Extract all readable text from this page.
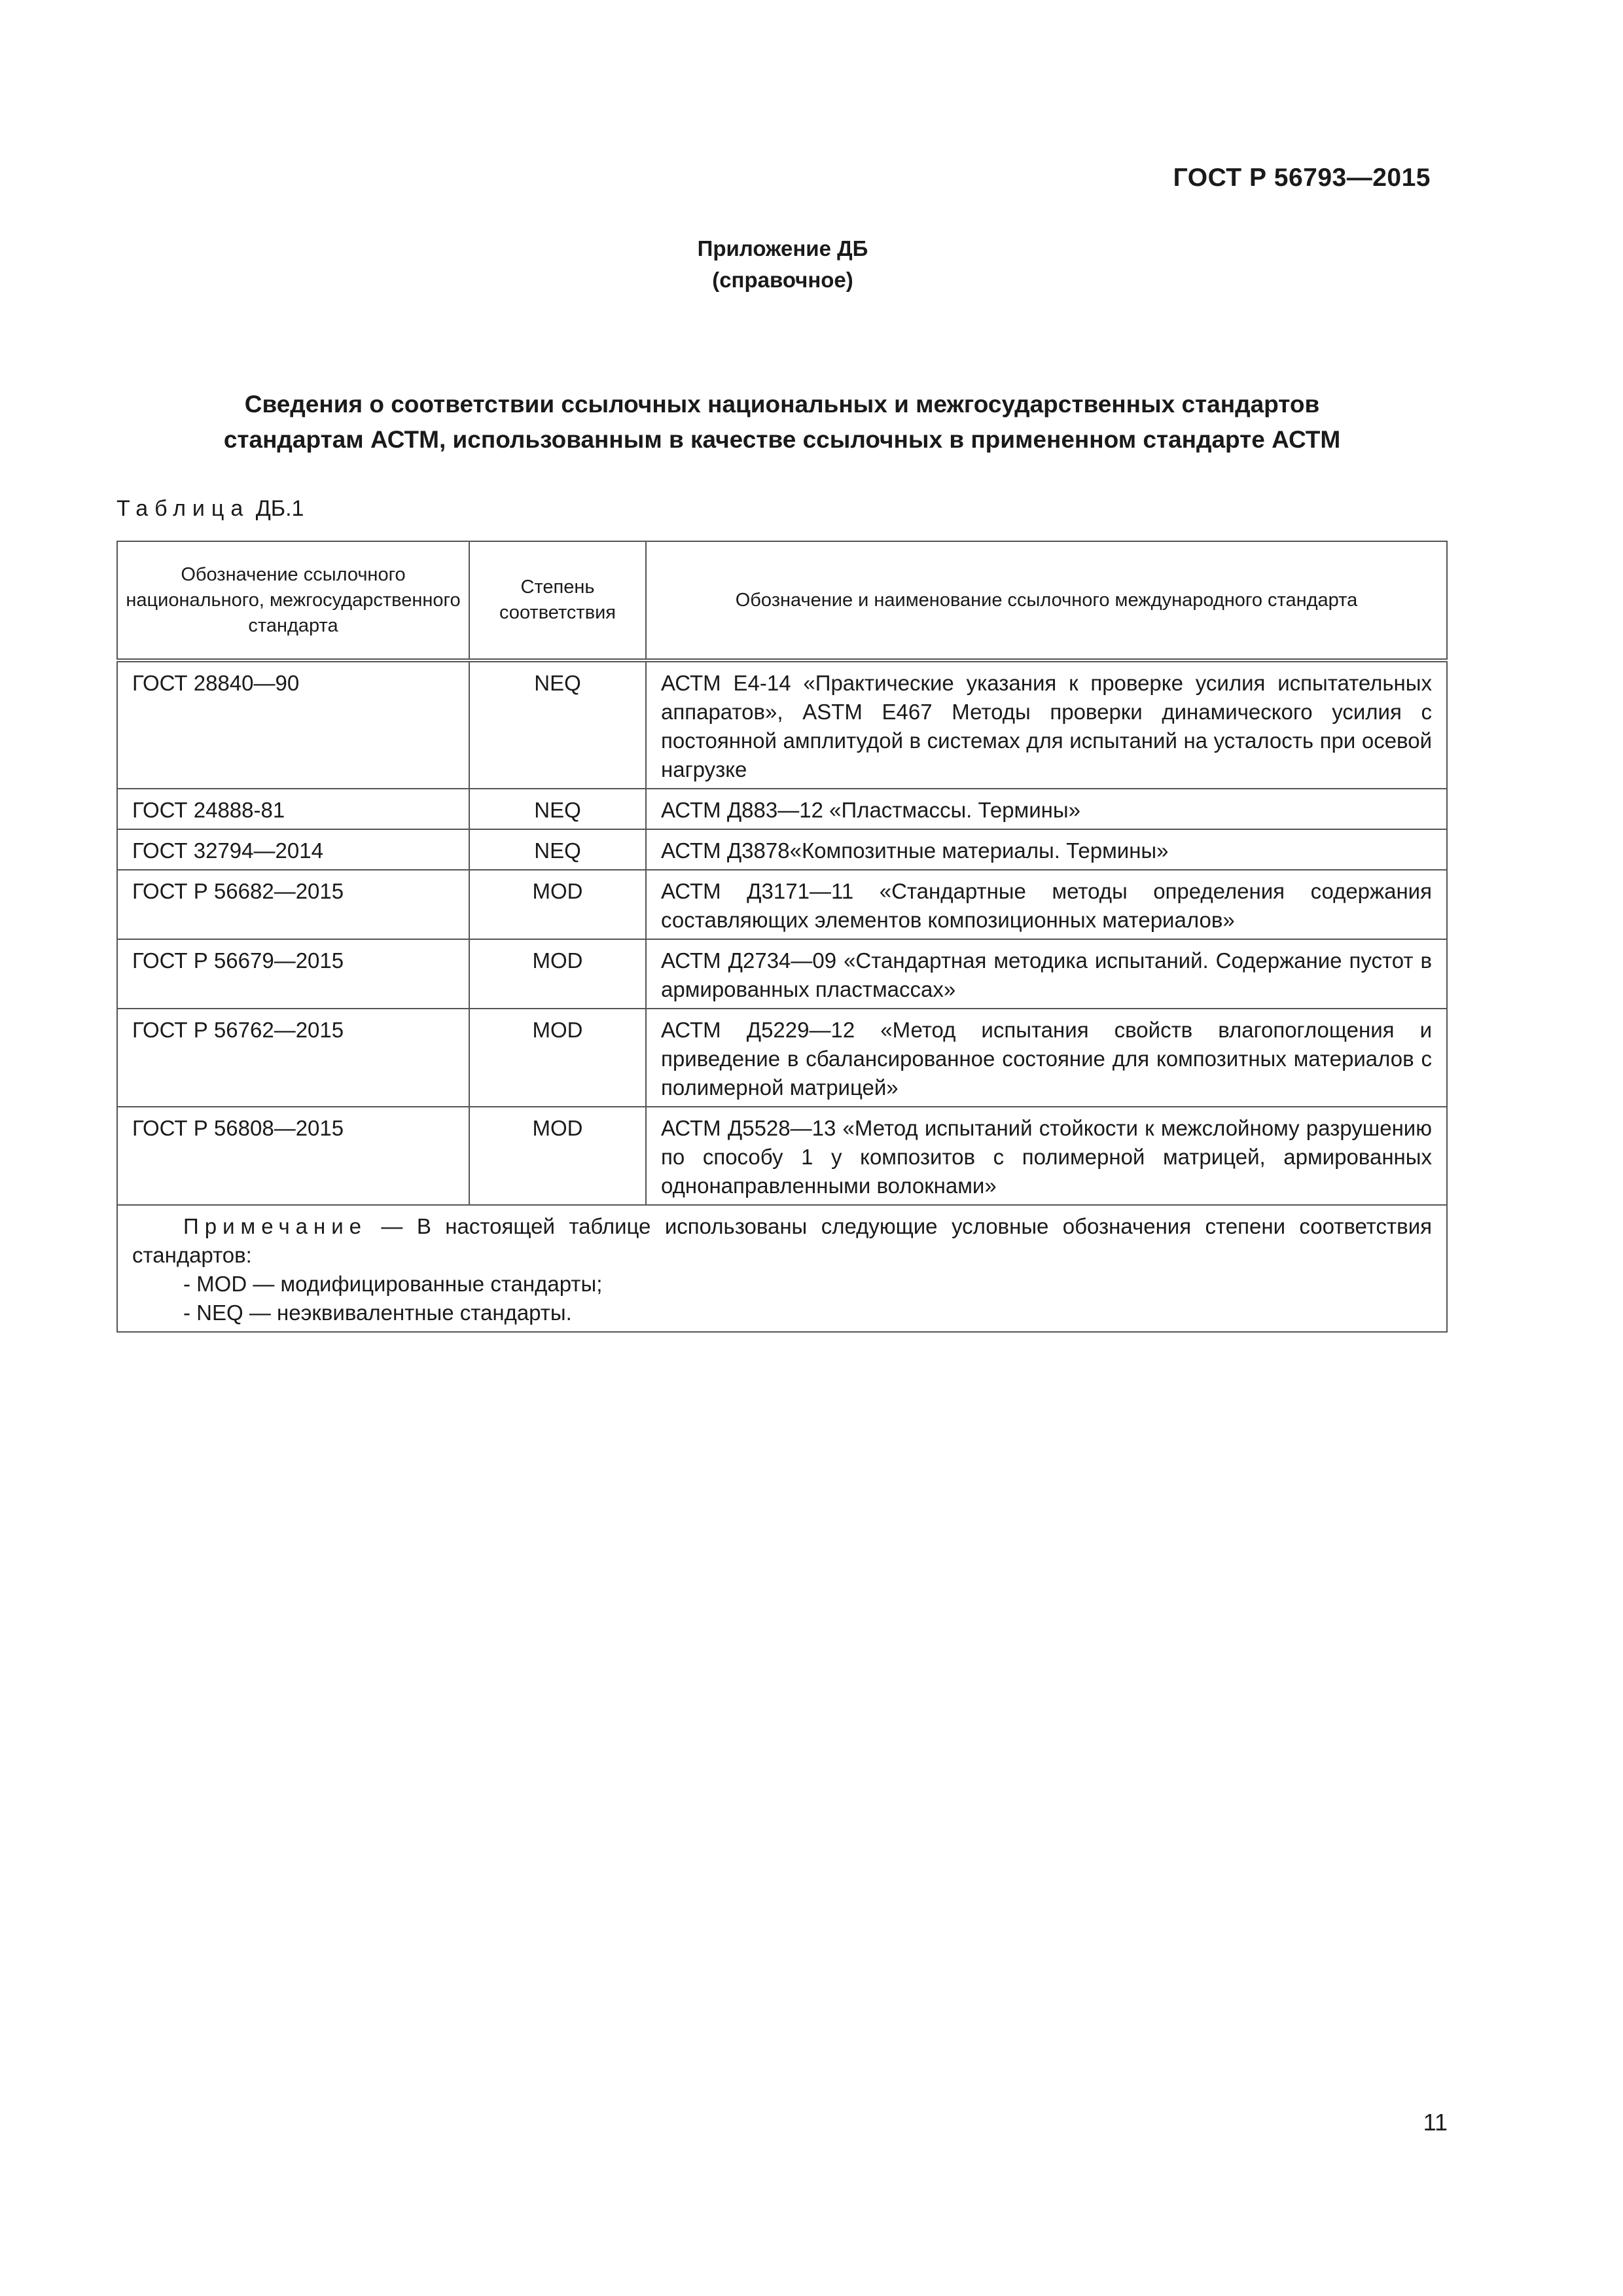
ГОСТ Р 56793—2015
Приложение ДБ
(справочное)
Сведения о соответствии ссылочных национальных и межгосударственных стандартов
стандартам АСТМ, использованным в качестве ссылочных в примененном стандарте АСТМ
Таблица ДБ.1
Обозначение ссылочного национального, межгосударственного стандарта	Степень соответствия	Обозначение и наименование ссылочного международного стандарта
ГОСТ 28840—90	NEQ	АСТМ Е4-14 «Практические указания к проверке усилия испытательных аппаратов», ASTM E467 Методы проверки динамического усилия с постоянной амплитудой в системах для испытаний на усталость при осевой нагрузке
ГОСТ 24888-81	NEQ	АСТМ Д883—12 «Пластмассы. Термины»
ГОСТ 32794—2014	NEQ	АСТМ Д3878«Композитные материалы. Термины»
ГОСТ Р 56682—2015	MOD	АСТМ Д3171—11 «Стандартные методы определения содержания составляющих элементов композиционных материалов»
ГОСТ Р 56679—2015	MOD	АСТМ Д2734—09 «Стандартная методика испытаний. Содержание пустот в армированных пластмассах»
ГОСТ Р 56762—2015	MOD	АСТМ Д5229—12 «Метод испытания свойств влагопоглощения и приведение в сбалансированное состояние для композитных материалов с полимерной матрицей»
ГОСТ Р 56808—2015	MOD	АСТМ Д5528—13 «Метод испытаний стойкости к межслойному разрушению по способу 1 у композитов с полимерной матрицей, армированных однонаправленными волокнами»

Примечание — В настоящей таблице использованы следующие условные обозначения степени соответствия стандартов:
- MOD — модифицированные стандарты;
- NEQ — неэквивалентные стандарты.		
11
